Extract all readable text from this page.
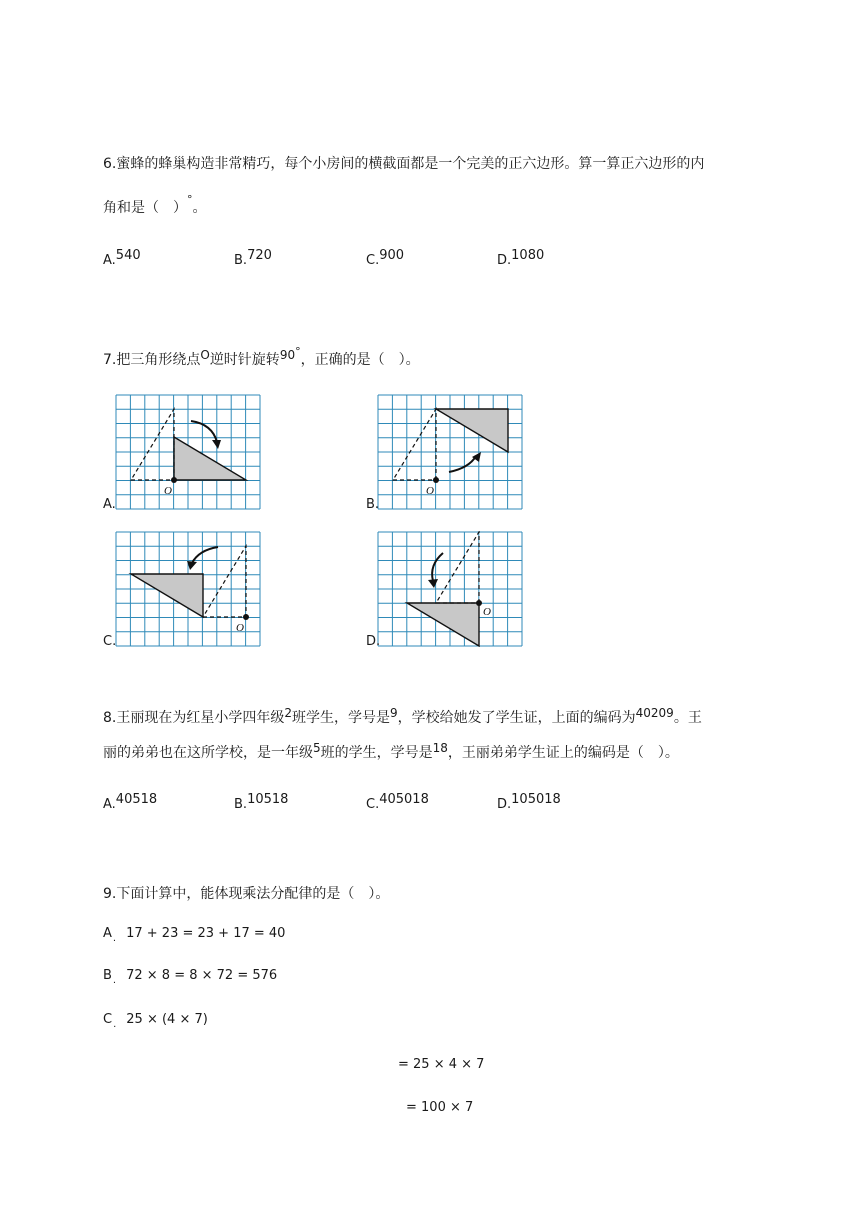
6.蜜蜂的蜂巢构造非常精巧，每个小房间的横截面都是一个完美的正六边形。算一算正六边形的内
角和是（　）°。
A.540	B.720	C.900	D.1080
7.把三角形绕点O逆时针旋转90°，正确的是（　）。
O
A.
O
B.
O
C.
O
D.
8.王丽现在为红星小学四年级2班学生，学号是9，学校给她发了学生证，上面的编码为40209。王
丽的弟弟也在这所学校，是一年级5班的学生，学号是18，王丽弟弟学生证上的编码是（　）。
A.40518	B.10518	C.405018	D.105018
9.下面计算中，能体现乘法分配律的是（　）。
$A_.$ 17 + 23 = 23 + 17 = 40
$B_.$ 72 × 8 = 8 × 72 = 576
$C_.$ 25 × (4 × 7)
= 25 × 4 × 7
= 100 × 7
